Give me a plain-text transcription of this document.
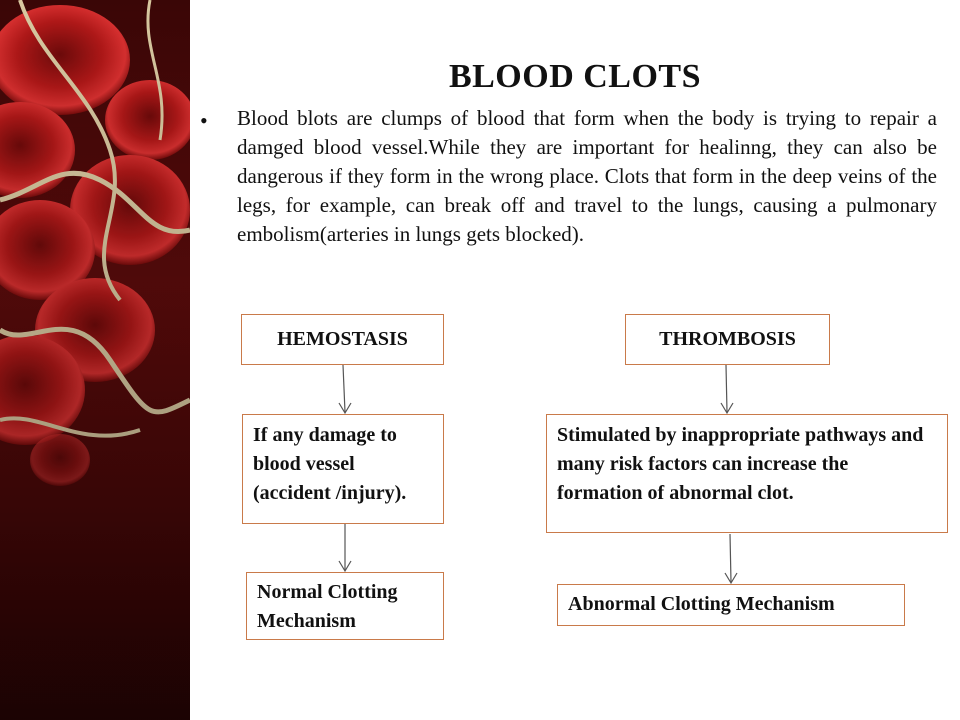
BLOOD CLOTS
• Blood blots are clumps of blood that form when the body is trying to repair a damged blood vessel.While they are important for healinng, they can also be dangerous if they form in the wrong place. Clots that form in the deep veins of the legs, for example, can break off and travel to the lungs, causing a pulmonary embolism(arteries in lungs gets blocked).
HEMOSTASIS	THROMBOSIS
If any damage to blood vessel (accident /injury).
Stimulated by inappropriate pathways and many risk factors can increase the formation of abnormal clot.
Normal Clotting Mechanism
Abnormal Clotting Mechanism
